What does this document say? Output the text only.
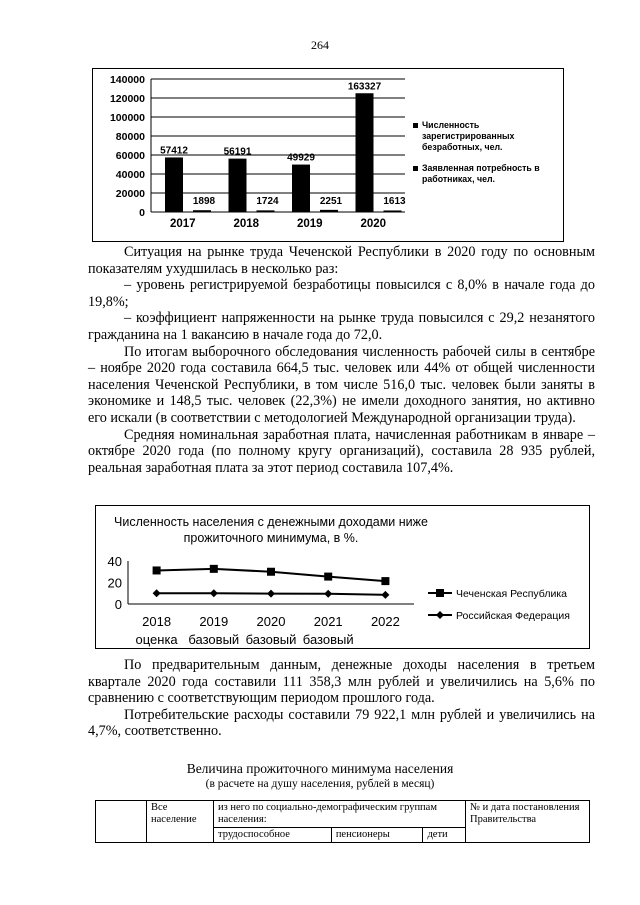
264
0
20000
40000
60000
80000
100000
120000
140000
57412
1898
2017
56191
1724
2018
49929
2251
2019
163327
1613
2020
Численность зарегистрированных безработных, чел.
Заявленная потребность в работниках, чел.

Ситуация на рынке труда Чеченской Республики в 2020 году по основным показателям ухудшилась в несколько раз:

– уровень регистрируемой безработицы повысился с 8,0% в начале года до 19,8%;

– коэффициент напряженности на рынке труда повысился с 29,2 незанятого гражданина на 1 вакансию в начале года до 72,0.

По итогам выборочного обследования численность рабочей силы в сентябре – ноябре 2020 года составила 664,5 тыс. человек или 44% от общей численности населения Чеченской Республики, в том числе 516,0 тыс. человек были заняты в экономике и 148,5 тыс. человек (22,3%) не имели доходного занятия, но активно его искали (в соответствии с методологией Международной организации труда).

Средняя номинальная заработная плата, начисленная работникам в январе – октябре 2020 года (по полному кругу организаций), составила 28 935 рублей, реальная заработная плата за этот период составила 107,4%.

Численность населения с денежными доходами ниже прожиточного минимума, в %.
0
20
40
2018 2019 2020 2021 2022
оценка базовый базовый базовый
Чеченская Республика
Российская Федерация

По предварительным данным, денежные доходы населения в третьем квартале 2020 года составили 111 358,3 млн рублей и увеличились на 5,6% по сравнению с соответствующим периодом прошлого года.

Потребительские расходы составили 79 922,1 млн рублей и увеличились на 4,7%, соответственно.

Величина прожиточного минимума населения
(в расчете на душу населения, рублей в месяц)
	Все население	из него по социально-демографическим группам населения:			№ и дата постановления Правительства
		трудоспособное	пенсионеры	дети	
